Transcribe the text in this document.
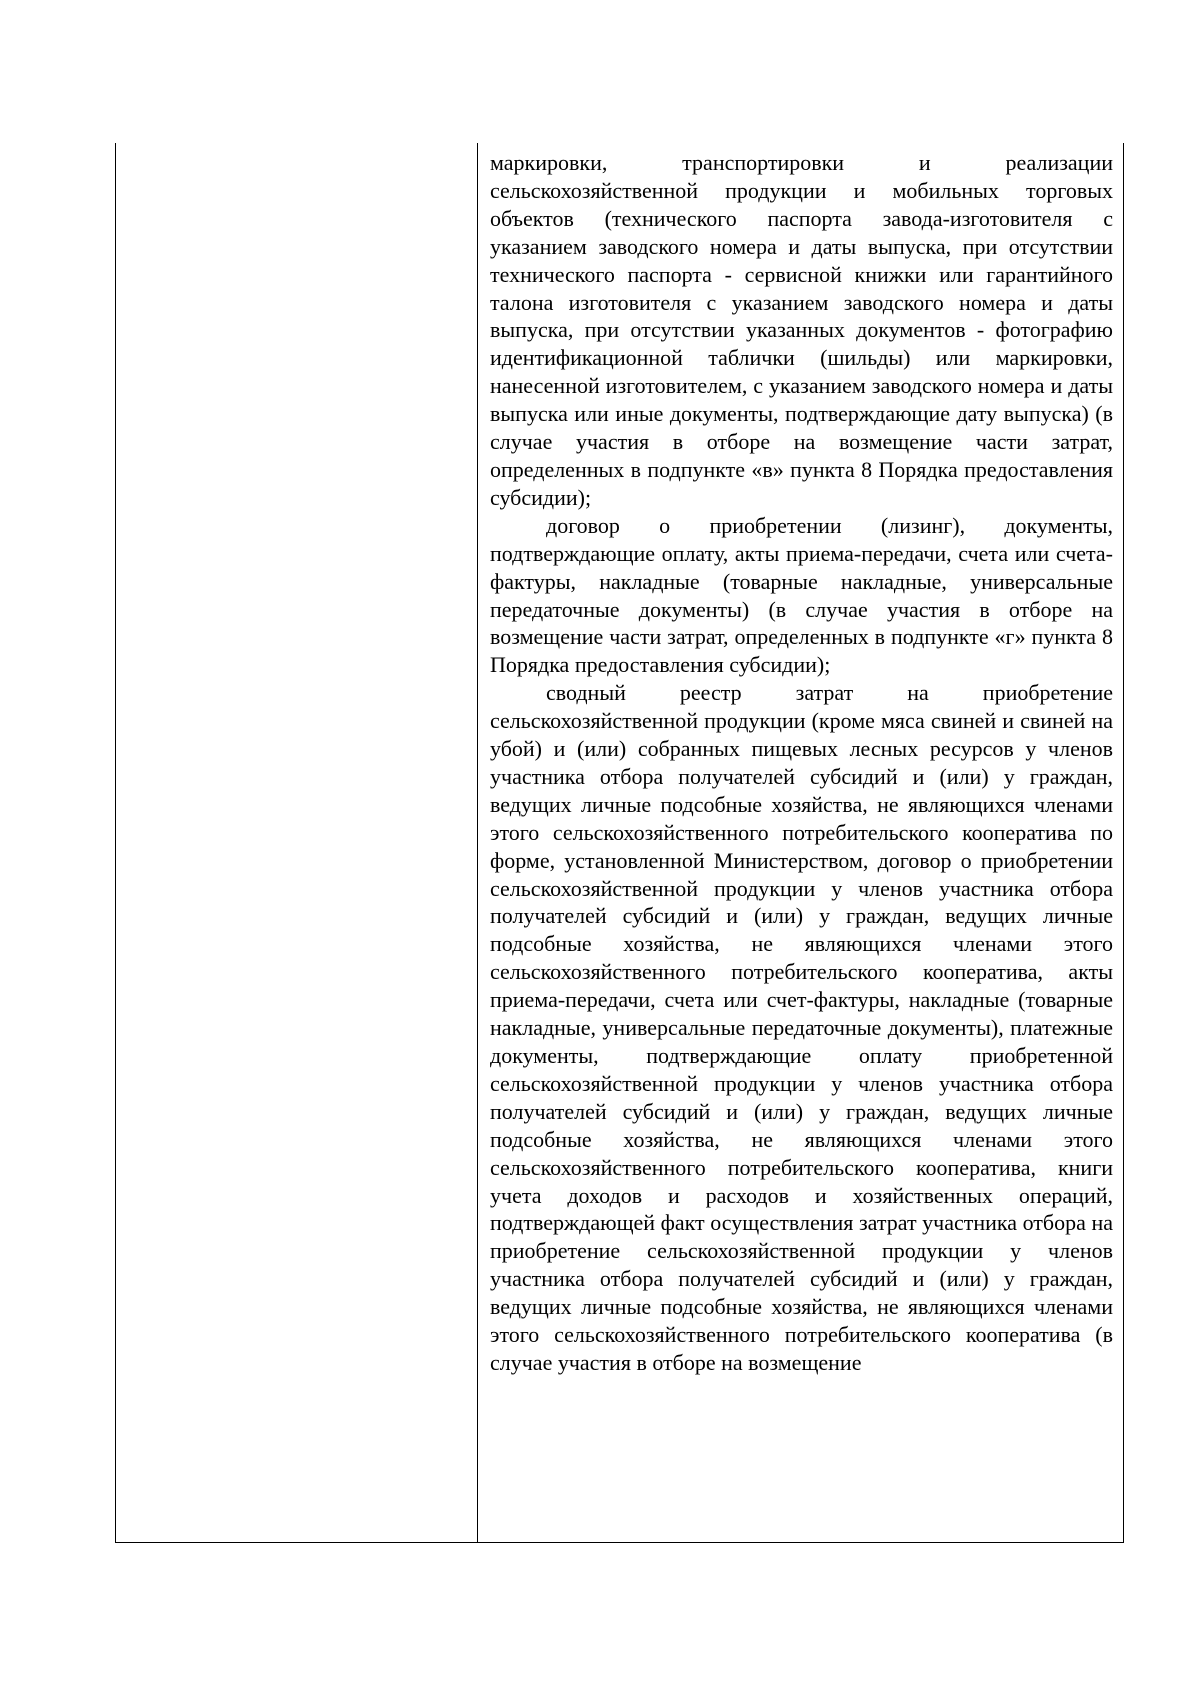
маркировки, транспортировки и реализации сельскохозяйственной продукции и мобильных торговых объектов (технического паспорта завода-изготовителя с указанием заводского номера и даты выпуска, при отсутствии технического паспорта - сервисной книжки или гарантийного талона изготовителя с указанием заводского номера и даты выпуска, при отсутствии указанных документов - фотографию идентификационной таблички (шильды) или маркировки, нанесенной изготовителем, с указанием заводского номера и даты выпуска или иные документы, подтверждающие дату выпуска) (в случае участия в отборе на возмещение части затрат, определенных в подпункте «в» пункта 8 Порядка предоставления субсидии);

договор о приобретении (лизинг), документы, подтверждающие оплату, акты приема-передачи, счета или счета-фактуры, накладные (товарные накладные, универсальные передаточные документы) (в случае участия в отборе на возмещение части затрат, определенных в подпункте «г» пункта 8 Порядка предоставления субсидии);

сводный реестр затрат на приобретение сельскохозяйственной продукции (кроме мяса свиней и свиней на убой) и (или) собранных пищевых лесных ресурсов у членов участника отбора получателей субсидий и (или) у граждан, ведущих личные подсобные хозяйства, не являющихся членами этого сельскохозяйственного потребительского кооператива по форме, установленной Министерством, договор о приобретении сельскохозяйственной продукции у членов участника отбора получателей субсидий и (или) у граждан, ведущих личные подсобные хозяйства, не являющихся членами этого сельскохозяйственного потребительского кооператива, акты приема-передачи, счета или счет-фактуры, накладные (товарные накладные, универсальные передаточные документы), платежные документы, подтверждающие оплату приобретенной сельскохозяйственной продукции у членов участника отбора получателей субсидий и (или) у граждан, ведущих личные подсобные хозяйства, не являющихся членами этого сельскохозяйственного потребительского кооператива, книги учета доходов и расходов и хозяйственных операций, подтверждающей факт осуществления затрат участника отбора на приобретение сельскохозяйственной продукции у членов участника отбора получателей субсидий и (или) у граждан, ведущих личные подсобные хозяйства, не являющихся членами этого сельскохозяйственного потребительского кооператива (в случае участия в отборе на возмещение
